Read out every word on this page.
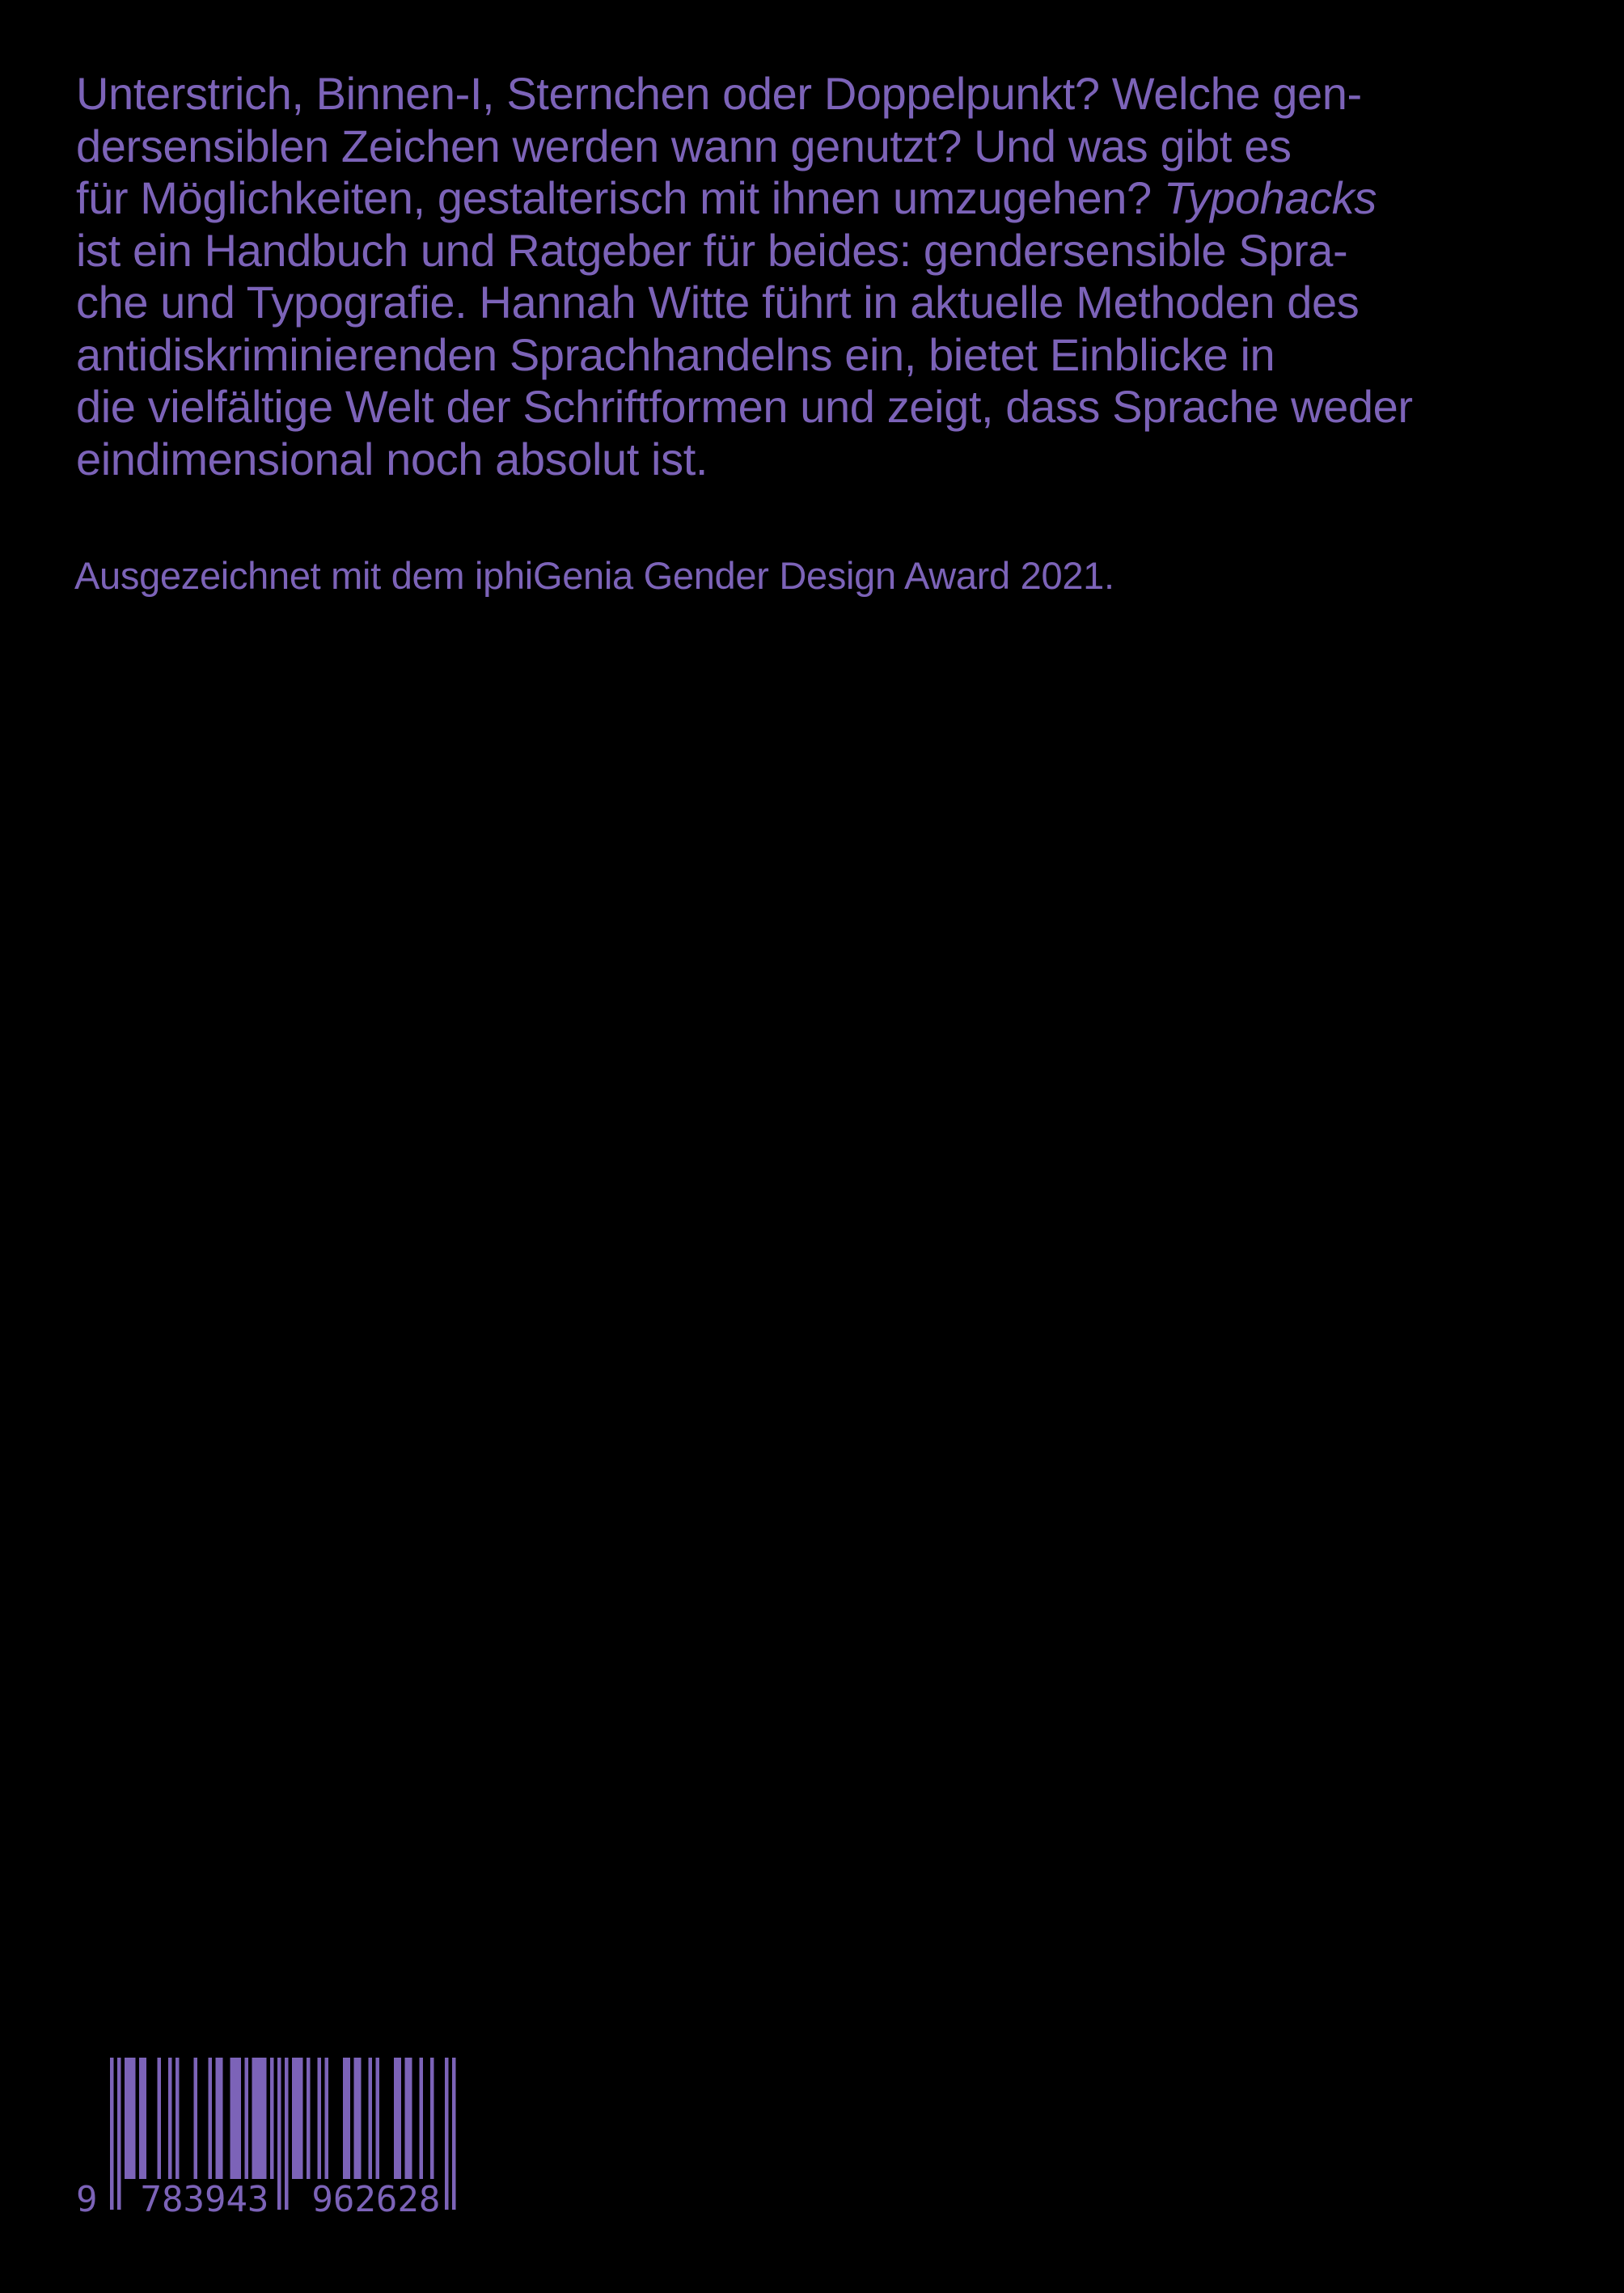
Unterstrich, Binnen-I, Sternchen oder Doppelpunkt? Welche gen-
dersensiblen Zeichen werden wann genutzt? Und was gibt es
für Möglichkeiten, gestalterisch mit ihnen umzugehen? Typohacks
ist ein Handbuch und Ratgeber für beides: gendersensible Spra-
che und Typografie. Hannah Witte führt in aktuelle Methoden des
antidiskriminierenden Sprachhandelns ein, bietet Einblicke in
die vielfältige Welt der Schriftformen und zeigt, dass Sprache weder
eindimensional noch absolut ist.

Ausgezeichnet mit dem iphiGenia Gender Design Award 2021.

9 783943 962628
